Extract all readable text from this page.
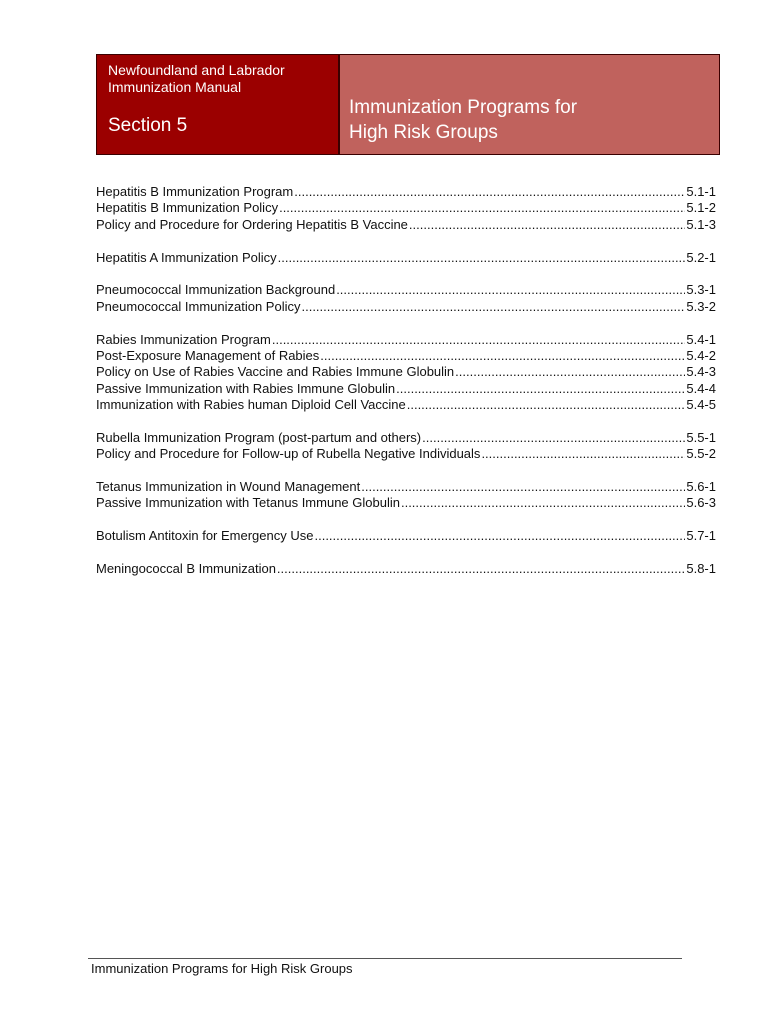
Newfoundland and Labrador
Immunization Manual
Section 5
Immunization Programs for
High Risk Groups
Hepatitis B Immunization Program .....	5.1-1
Hepatitis B Immunization Policy .....	5.1-2
Policy and Procedure for Ordering Hepatitis B Vaccine .....	5.1-3
Hepatitis A Immunization Policy .....	5.2-1
Pneumococcal Immunization Background .....	5.3-1
Pneumococcal Immunization Policy .....	5.3-2
Rabies Immunization Program .....	5.4-1
Post-Exposure Management of Rabies .....	5.4-2
Policy on Use of Rabies Vaccine and Rabies Immune Globulin .....	5.4-3
Passive Immunization with Rabies Immune Globulin .....	5.4-4
Immunization with Rabies human Diploid Cell Vaccine .....	5.4-5
Rubella Immunization Program (post-partum and others) .....	5.5-1
Policy and Procedure for Follow-up of Rubella Negative Individuals .....	5.5-2
Tetanus Immunization in Wound Management .....	5.6-1
Passive Immunization with Tetanus Immune Globulin .....	5.6-3
Botulism Antitoxin for Emergency Use .....	5.7-1
Meningococcal B Immunization .....	5.8-1
Immunization Programs for High Risk Groups
